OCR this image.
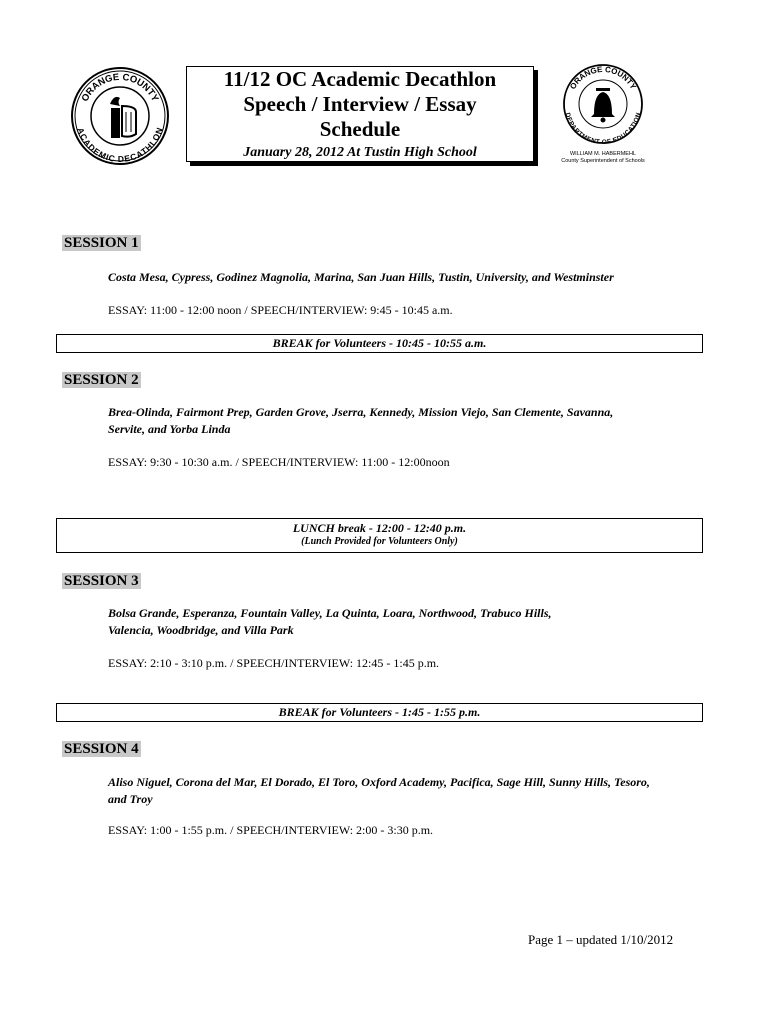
ORANGE COUNTY
ACADEMIC DECATHLON
11/12 OC Academic Decathlon
Speech / Interview / Essay
Schedule
January 28, 2012 At Tustin High School
ORANGE COUNTY
DEPARTMENT OF EDUCATION
WILLIAM M. HABERMEHL
County Superintendent of Schools
SESSION 1
Costa Mesa, Cypress, Godinez Magnolia, Marina, San Juan Hills, Tustin, University, and Westminster
ESSAY: 11:00 - 12:00 noon / SPEECH/INTERVIEW: 9:45 - 10:45 a.m.
BREAK for Volunteers - 10:45 - 10:55 a.m.
SESSION 2
Brea-Olinda, Fairmont Prep, Garden Grove, Jserra, Kennedy, Mission Viejo, San Clemente, Savanna,
Servite, and Yorba Linda
ESSAY: 9:30 - 10:30 a.m. / SPEECH/INTERVIEW: 11:00 - 12:00noon
LUNCH break - 12:00 - 12:40 p.m.
(Lunch Provided for Volunteers Only)
SESSION 3
Bolsa Grande, Esperanza, Fountain Valley, La Quinta, Loara, Northwood, Trabuco Hills,
Valencia, Woodbridge, and Villa Park
ESSAY: 2:10 - 3:10 p.m. / SPEECH/INTERVIEW: 12:45 - 1:45 p.m.
BREAK for Volunteers - 1:45 - 1:55 p.m.
SESSION 4
Aliso Niguel, Corona del Mar, El Dorado, El Toro, Oxford Academy, Pacifica, Sage Hill, Sunny Hills, Tesoro,
and Troy
ESSAY: 1:00 - 1:55 p.m. / SPEECH/INTERVIEW: 2:00 - 3:30 p.m.
Page 1 – updated 1/10/2012
